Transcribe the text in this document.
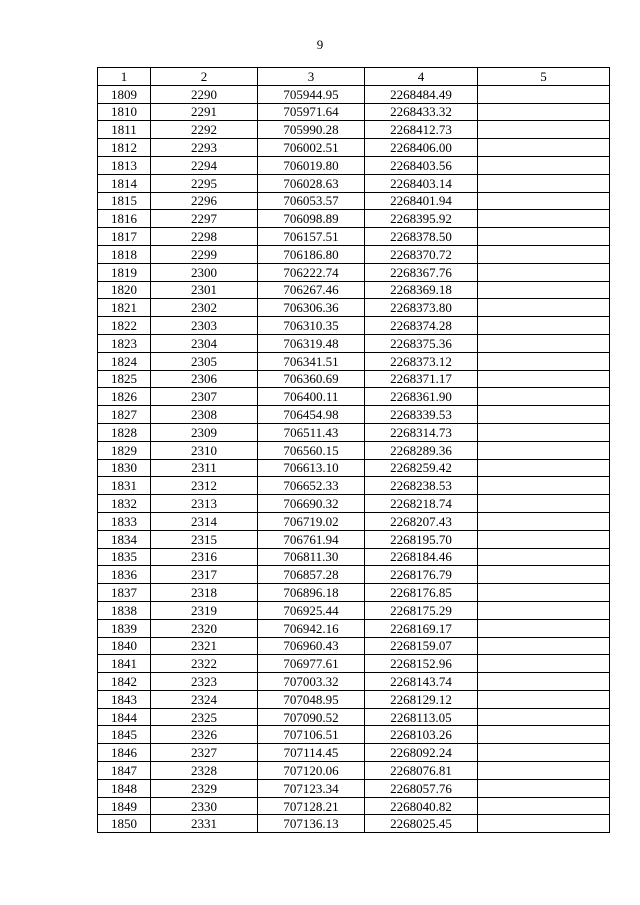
9
1	2	3	4	5
1809	2290	705944.95	2268484.49	
1810	2291	705971.64	2268433.32	
1811	2292	705990.28	2268412.73	
1812	2293	706002.51	2268406.00	
1813	2294	706019.80	2268403.56	
1814	2295	706028.63	2268403.14	
1815	2296	706053.57	2268401.94	
1816	2297	706098.89	2268395.92	
1817	2298	706157.51	2268378.50	
1818	2299	706186.80	2268370.72	
1819	2300	706222.74	2268367.76	
1820	2301	706267.46	2268369.18	
1821	2302	706306.36	2268373.80	
1822	2303	706310.35	2268374.28	
1823	2304	706319.48	2268375.36	
1824	2305	706341.51	2268373.12	
1825	2306	706360.69	2268371.17	
1826	2307	706400.11	2268361.90	
1827	2308	706454.98	2268339.53	
1828	2309	706511.43	2268314.73	
1829	2310	706560.15	2268289.36	
1830	2311	706613.10	2268259.42	
1831	2312	706652.33	2268238.53	
1832	2313	706690.32	2268218.74	
1833	2314	706719.02	2268207.43	
1834	2315	706761.94	2268195.70	
1835	2316	706811.30	2268184.46	
1836	2317	706857.28	2268176.79	
1837	2318	706896.18	2268176.85	
1838	2319	706925.44	2268175.29	
1839	2320	706942.16	2268169.17	
1840	2321	706960.43	2268159.07	
1841	2322	706977.61	2268152.96	
1842	2323	707003.32	2268143.74	
1843	2324	707048.95	2268129.12	
1844	2325	707090.52	2268113.05	
1845	2326	707106.51	2268103.26	
1846	2327	707114.45	2268092.24	
1847	2328	707120.06	2268076.81	
1848	2329	707123.34	2268057.76	
1849	2330	707128.21	2268040.82	
1850	2331	707136.13	2268025.45	
